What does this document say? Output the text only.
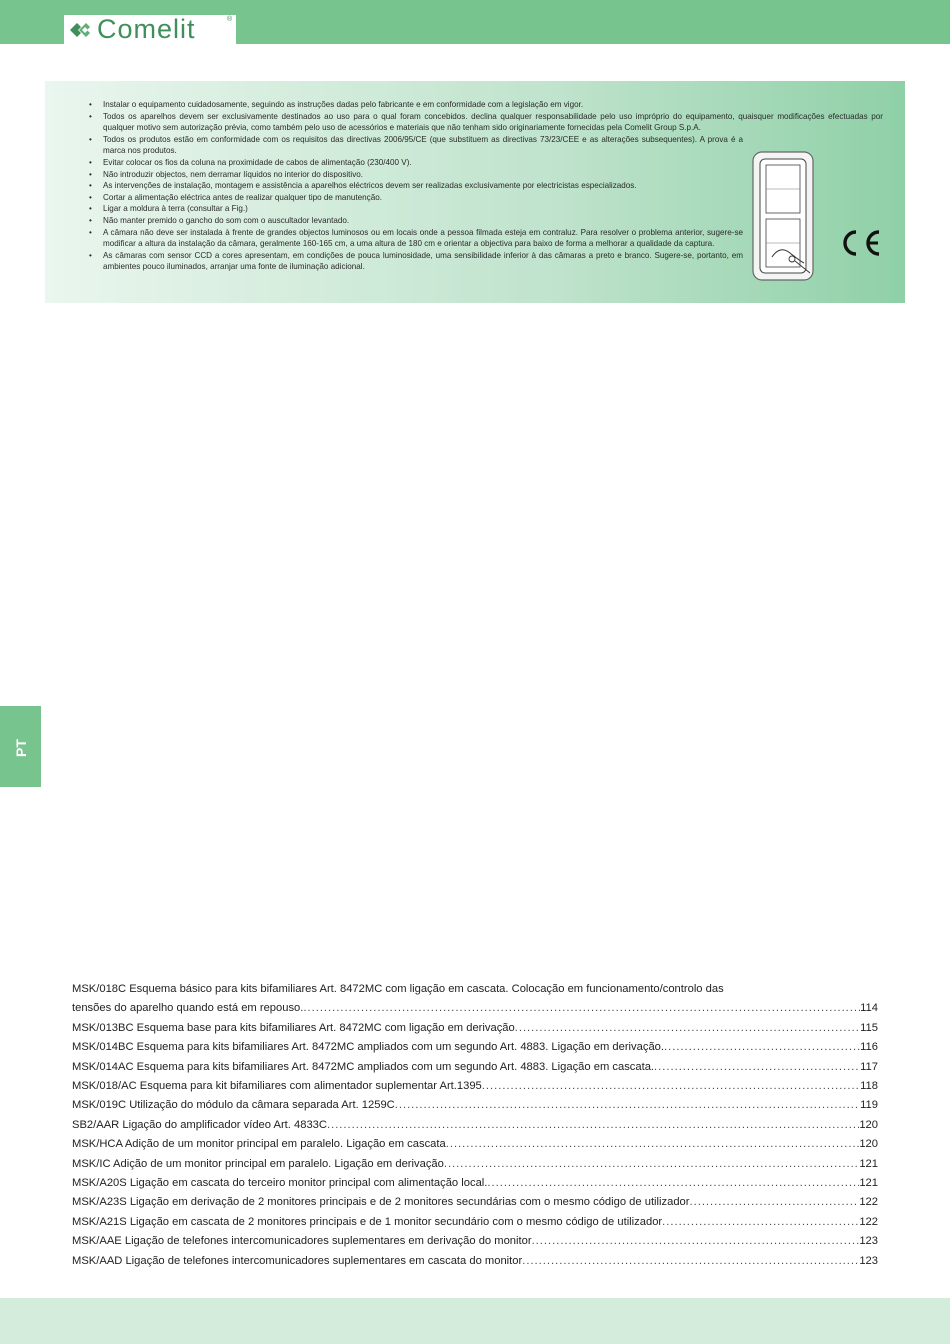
Comelit	®
• Instalar o equipamento cuidadosamente, seguindo as instruções dadas pelo fabricante e em conformidade com a legislação em vigor.
• Todos os aparelhos devem ser exclusivamente destinados ao uso para o qual foram concebidos. declina qualquer responsabilidade pelo uso impróprio do equipamento, quaisquer modificações efectuadas por qualquer motivo sem autorização prévia, como também pelo uso de acessórios e materiais que não tenham sido originariamente fornecidas pela Comelit Group S.p.A.
• Todos os produtos estão em conformidade com os requisitos das directivas 2006/95/CE (que substituem as directivas 73/23/CEE e as alterações subsequentes). A prova é a marca nos produtos.
• Evitar colocar os fios da coluna na proximidade de cabos de alimentação (230/400 V).
• Não introduzir objectos, nem derramar líquidos no interior do dispositivo.
• As intervenções de instalação, montagem e assistência a aparelhos eléctricos devem ser realizadas exclusivamente por electricistas especializados.
• Cortar a alimentação eléctrica antes de realizar qualquer tipo de manutenção.
• Ligar a moldura à terra (consultar a Fig.)
• Não manter premido o gancho do som com o auscultador levantado.
• A câmara não deve ser instalada à frente de grandes objectos luminosos ou em locais onde a pessoa filmada esteja em contraluz. Para resolver o problema anterior, sugere-se modificar a altura da instalação da câmara, geralmente 160-165 cm, a uma altura de 180 cm e orientar a objectiva para baixo de forma a melhorar a qualidade da captura.
• As câmaras com sensor CCD a cores apresentam, em condições de pouca luminosidade, uma sensibilidade inferior à das câmaras a preto e branco. Sugere-se, portanto, em ambientes pouco iluminados, arranjar uma fonte de iluminação adicional.
PT
MSK/018C Esquema básico para kits bifamiliares Art. 8472MC com ligação em cascata. Colocação em funcionamento/controlo das
tensões do aparelho quando está em repouso. .....	114
MSK/013BC Esquema base para kits bifamiliares Art. 8472MC com ligação em derivação .....	115
MSK/014BC Esquema para kits bifamiliares Art. 8472MC ampliados com um segundo Art. 4883. Ligação em derivação. .....	116
MSK/014AC Esquema para kits bifamiliares Art. 8472MC ampliados com um segundo Art. 4883. Ligação em cascata. .....	117
MSK/018/AC Esquema para kit bifamiliares com alimentador suplementar Art.1395 .....	118
MSK/019C Utilização do módulo da câmara separada Art. 1259C .....	119
SB2/AAR Ligação do amplificador vídeo Art. 4833C .....	120
MSK/HCA Adição de um monitor principal em paralelo. Ligação em cascata .....	120
MSK/IC Adição de um monitor principal em paralelo. Ligação em derivação .....	121
MSK/A20S Ligação em cascata do terceiro monitor principal com alimentação local. .....	121
MSK/A23S Ligação em derivação de 2 monitores principais e de 2 monitores secundárias com o mesmo código de utilizador .....	122
MSK/A21S Ligação em cascata de 2 monitores principais e de 1 monitor secundário com o mesmo código de utilizador .....	122
MSK/AAE Ligação de telefones intercomunicadores suplementares em derivação do monitor .....	123
MSK/AAD Ligação de telefones intercomunicadores suplementares em cascata do monitor .....	123
